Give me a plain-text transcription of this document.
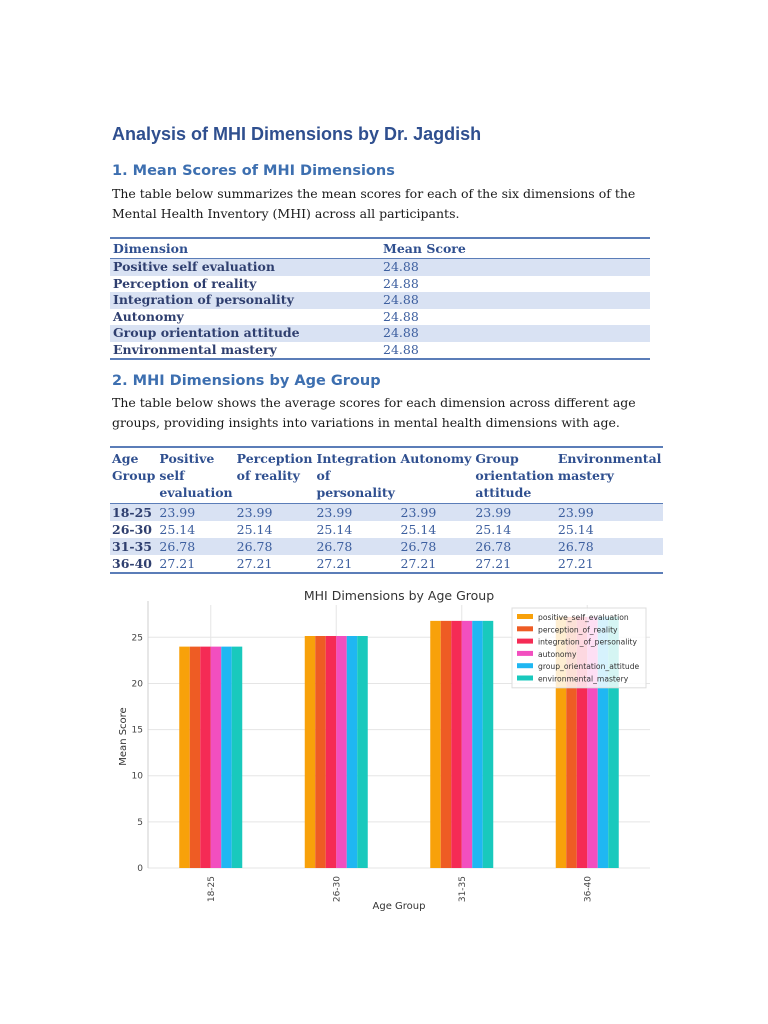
Analysis of MHI Dimensions by Dr. Jagdish
1. Mean Scores of MHI Dimensions

The table below summarizes the mean scores for each of the six dimensions of the Mental Health Inventory (MHI) across all participants.

Dimension	Mean Score
Positive self evaluation	24.88
Perception of reality	24.88
Integration of personality	24.88
Autonomy	24.88
Group orientation attitude	24.88
Environmental mastery	24.88
2. MHI Dimensions by Age Group

The table below shows the average scores for each dimension across different age groups, providing insights into variations in mental health dimensions with age.

Age Group	Positive self evaluation	Perception of reality	Integration of personality	Autonomy	Group orientation attitude	Environmental mastery
18-25	23.99	23.99	23.99	23.99	23.99	23.99
26-30	25.14	25.14	25.14	25.14	25.14	25.14
31-35	26.78	26.78	26.78	26.78	26.78	26.78
36-40	27.21	27.21	27.21	27.21	27.21	27.21
MHI Dimensions by Age Group
0
5
10
15
20
25
18-25	26-30	31-35	36-40
Age Group
Mean Score
positive_self_evaluation
perception_of_reality
integration_of_personality
autonomy
group_orientation_attitude
environmental_mastery
